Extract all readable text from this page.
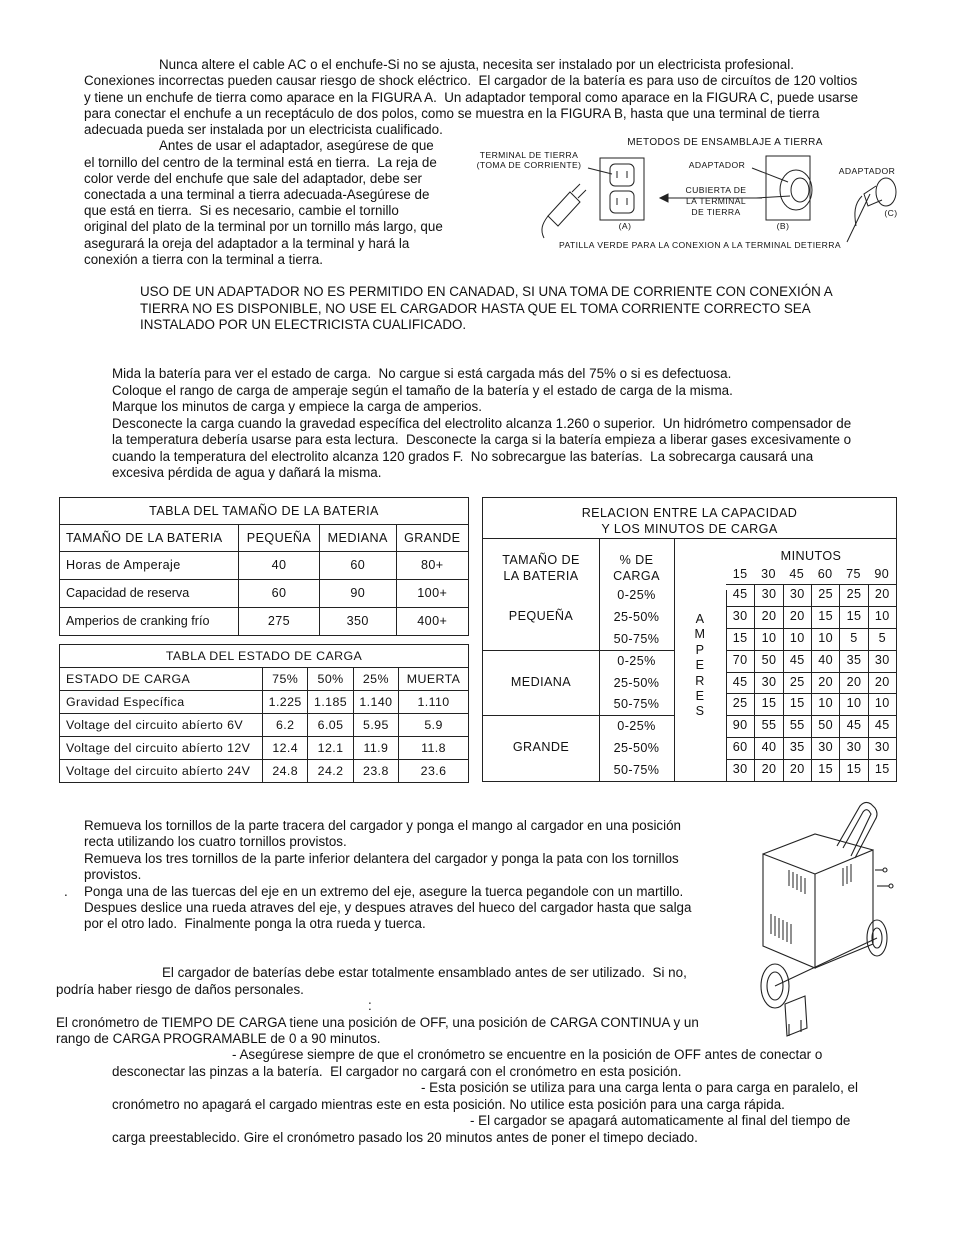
Nunca altere el cable AC o el enchufe-Si no se ajusta, necesita ser instalado por un electricista profesional.
Conexiones incorrectas pueden causar riesgo de shock eléctrico.  El cargador de la batería es para uso de circuítos de 120 voltios
y tiene un enchufe de tierra como aparace en la FIGURA A.  Un adaptador temporal como aparace en la FIGURA C, puede usarse
para conectar el enchufe a un receptáculo de dos polos, como se muestra en la FIGURA B, hasta que una terminal de tierra
adecuada pueda ser instalada por un electricista cualificado.
Antes de usar el adaptador, asegúrese de que
el tornillo del centro de la terminal está en tierra.  La reja de
color verde del enchufe que sale del adaptador, debe ser
conectada a una terminal a tierra adecuada-Asegúrese de
que está en tierra.  Si es necesario, cambie el tornillo
original del plato de la terminal por un tornillo más largo, que
asegurará la oreja del adaptador a la terminal y hará la
conexión a tierra con la terminal a tierra.
METODOS DE ENSAMBLAJE A TIERRA
TERMINAL DE TIERRA
(TOMA DE CORRIENTE)	ADAPTADOR
ADAPTADOR
CUBIERTA DE
LA TERMINAL
DE TIERRA
(A)	(B)
(C)
PATILLA VERDE PARA LA CONEXION A LA TERMINAL DETIERRA
USO DE UN ADAPTADOR NO ES PERMITIDO EN CANADAD, SI UNA TOMA DE CORRIENTE CON CONEXIÓN A
TIERRA NO ES DISPONIBLE, NO USE EL CARGADOR HASTA QUE EL TOMA CORRIENTE CORRECTO SEA
INSTALADO POR UN ELECTRICISTA CUALIFICADO.
Mida la batería para ver el estado de carga.  No cargue si está cargada más del 75% o si es defectuosa.
Coloque el rango de carga de amperaje según el tamaño de la batería y el estado de carga de la misma.
Marque los minutos de carga y empiece la carga de amperios.
Desconecte la carga cuando la gravedad específica del electrolito alcanza 1.260 o superior.  Un hidrómetro compensador de
la temperatura debería usarse para esta lectura.  Desconecte la carga si la batería empieza a liberar gases excesivamente o
cuando la temperatura del electrolito alcanza 120 grados F.  No sobrecargue las baterías.  La sobrecarga causará una
excesiva pérdida de agua y dañará la misma.
TABLA DEL TAMAÑO DE LA BATERIA			
TAMAÑO DE LA BATERIA	PEQUEÑA	MEDIANA	GRANDE
Horas de Amperaje	40	60	80+
Capacidad de reserva	60	90	100+
Amperios de cranking frío	275	350	400+
TABLA DEL ESTADO DE CARGA				
ESTADO DE CARGA	75%	50%	25%	MUERTA
Gravidad Específica	1.225	1.185	1.140	1.110
Voltage del circuito abíerto 6V	6.2	6.05	5.95	5.9
Voltage del circuito abíerto 12V	12.4	12.1	11.9	11.8
Voltage del circuito abíerto 24V	24.8	24.2	23.8	23.6
RELACION ENTRE LA CAPACIDAD
Y LOS MINUTOS DE CARGA
TAMAÑO DE
LA BATERIA
% DE
CARGA
MINUTOS
15	30	45	60	75	90
A
M
P
E
R
E
S
PEQUEÑA
0-25%	45	30	30	25	25	20
25-50%	30	20	20	15	15	10
50-75%	15	10	10	10	5	5
MEDIANA
0-25%	70	50	45	40	35	30
25-50%	45	30	25	20	20	20
50-75%	25	15	15	10	10	10
GRANDE
0-25%	90	55	55	50	45	45
25-50%	60	40	35	30	30	30
50-75%	30	20	20	15	15	15
Remueva los tornillos de la parte tracera del cargador y ponga el mango al cargador en una posición
recta utilizando los cuatro tornillos provistos.
Remueva los tres tornillos de la parte inferior delantera del cargador y ponga la pata con los tornillos
provistos.
. Ponga una de las tuercas del eje en un extremo del eje, asegure la tuerca pegandole con un martillo.
Despues deslice una rueda atraves del eje, y despues atraves del hueco del cargador hasta que salga
por el otro lado.  Finalmente ponga la otra rueda y tuerca.
El cargador de baterías debe estar totalmente ensamblado antes de ser utilizado.  Si no,
podría haber riesgo de daños personales.
:
El cronómetro de TIEMPO DE CARGA tiene una posición de OFF, una posición de CARGA CONTINUA y un
rango de CARGA PROGRAMABLE de 0 a 90 minutos.
- Asegúrese siempre de que el cronómetro se encuentre en la posición de OFF antes de conectar o
desconectar las pinzas a la batería.  El cargador no cargará con el cronómetro en esta posición.
- Esta posición se utiliza para una carga lenta o para carga en paralelo, el
cronómetro no apagará el cargado mientras este en esta posición. No utilice esta posición para una carga rápida.
- El cargador se apagará automaticamente al final del tiempo de
carga preestablecido. Gire el cronómetro pasado los 20 minutos antes de poner el timepo deciado.
